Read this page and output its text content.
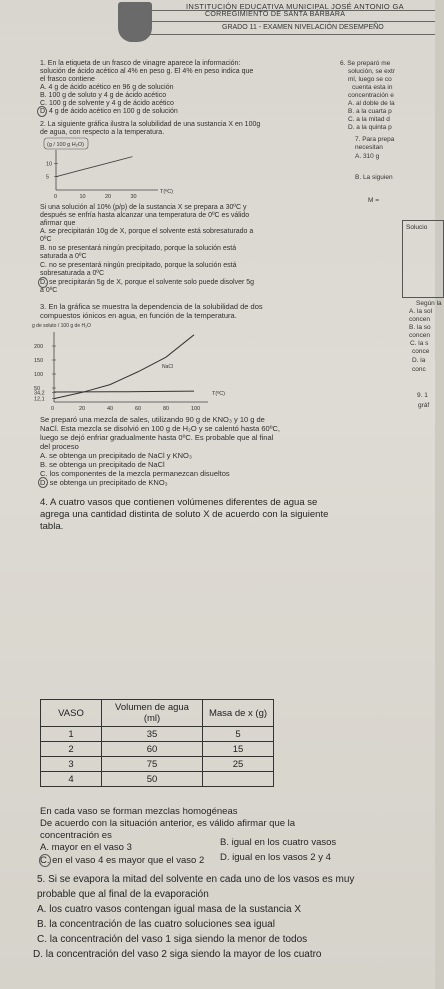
INSTITUCIÓN EDUCATIVA MUNICIPAL JOSÉ ANTONIO GA
CORREGIMIENTO DE SANTA BÁRBARA
GRADO 11 - EXAMEN NIVELACIÓN DESEMPEÑO
1. En la etiqueta de un frasco de vinagre aparece la información:
solución de ácido acético al 4% en peso g. El 4% en peso indica que
el frasco contiene
A. 4 g de ácido acético en 96 g de solución
B. 100 g de soluto y 4 g de ácido acético
C. 100 g de solvente y 4 g de ácido acético
D. 4 g de ácido acético en 100 g de solución
2. La siguiente gráfica ilustra la solubilidad de una sustancia X en 100g
de agua, con respecto a la temperatura.
(g / 100 g H₂O)
0	10	20	30
5
10
T(ºC)
Si una solución al 10% (p/p) de la sustancia X se prepara a 30ºC y
después se enfría hasta alcanzar una temperatura de 0ºC es válido
afirmar que
A. se precipitarán 10g de X, porque el solvente está sobresaturado a
0ºC
B. no se presentará ningún precipitado, porque la solución está
saturada a 0ºC
C. no se presentará ningún precipitado, porque la solución está
sobresaturada a 0ºC
D. se precipitarán 5g de X, porque el solvente solo puede disolver 5g
a 0ºC
3. En la gráfica se muestra la dependencia de la solubilidad de dos
compuestos iónicos en agua, en función de la temperatura.
g de soluto / 100 g de H₂O
0	20	40	60	80	100
200
150
100
50
34,2
12,1
NaCl
T(ºC)
Se preparó una mezcla de sales, utilizando 90 g de KNO₃ y 10 g de
NaCl. Esta mezcla se disolvió en 100 g de H₂O y se calentó hasta 60ºC,
luego se dejó enfriar gradualmente hasta 0ºC. Es probable que al final
del proceso
A. se obtenga un precipitado de NaCl y KNO₃
B. se obtenga un precipitado de NaCl
C. los componentes de la mezcla permanezcan disueltos
D. se obtenga un precipitado de KNO₃
4. A cuatro vasos que contienen volúmenes diferentes de agua se
agrega una cantidad distinta de soluto X de acuerdo con la siguiente
tabla.
VASO	Volumen de agua (ml)	Masa de x (g)
1	35	5
2	60	15
3	75	25
4	50	
En cada vaso se forman mezclas homogéneas
De acuerdo con la situación anterior, es válido afirmar que la
concentración es
B. igual en los cuatro vasos
A. mayor en el vaso 3
C. en el vaso 4 es mayor que el vaso 2 D. igual en los vasos 2 y 4
5. Si se evapora la mitad del solvente en cada uno de los vasos es muy
probable que al final de la evaporación
A. los cuatro vasos contengan igual masa de la sustancia X
B. la concentración de las cuatro soluciones sea igual
C. la concentración del vaso 1 siga siendo la menor de todos
D. la concentración del vaso 2 siga siendo la mayor de los cuatro
6. Se preparó me
solución, se extr
ml, luego se co
cuenta esta in
concentración e
A. al doble de la
B. a la cuarta p
C. a la mitad d
D. a la quinta p
7. Para prepa
necesitan
A. 310 g
B. La siguien
M =
Solucio
Según la
A. la sol
concen
B. la so
concen
C. la s
conce
D. la
conc
9. 1
gráf
